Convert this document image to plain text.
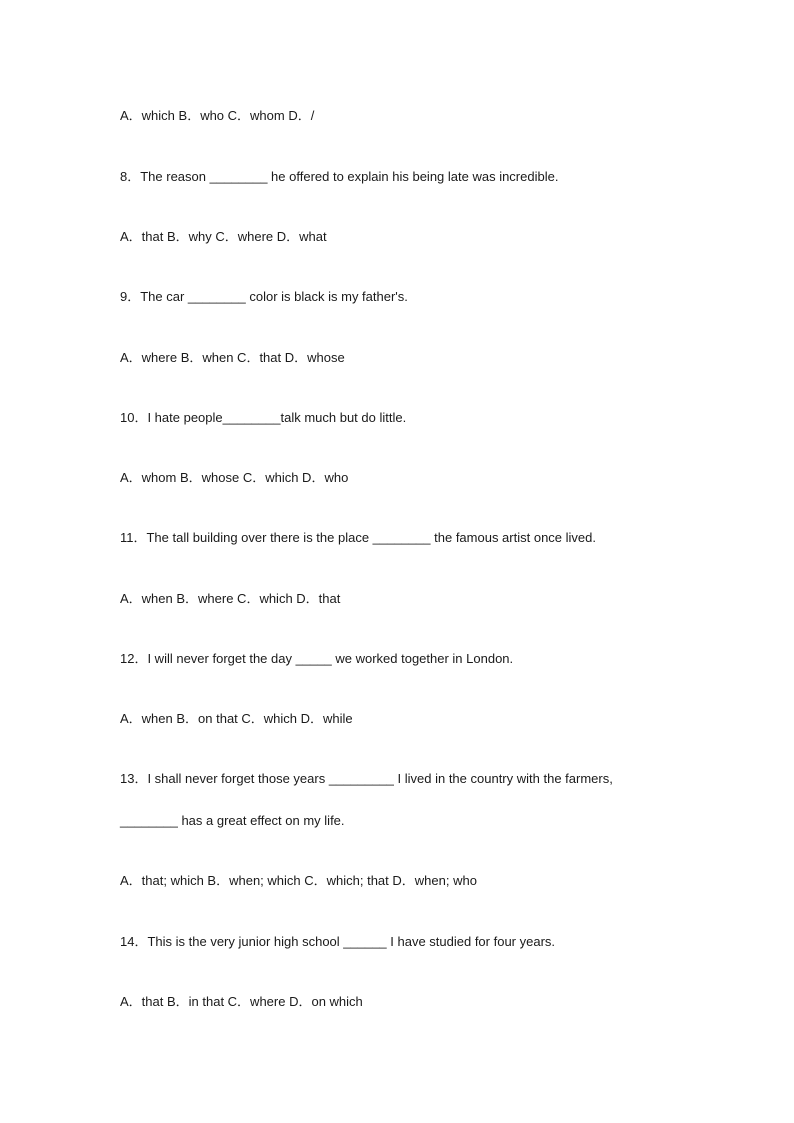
A．which B．who C．whom D．/
8．The reason ________ he offered to explain his being late was incredible.
A．that B．why C．where D．what
9．The car ________ color is black is my father's.
A．where B．when C．that D．whose
10．I hate people________talk much but do little.
A．whom B．whose C．which D．who
11．The tall building over there is the place ________ the famous artist once lived.
A．when B．where C．which D．that
12．I will never forget the day _____ we worked together in London.
A．when B．on that C．which D．while
13．I shall never forget those years _________ I lived in the country with the farmers,
________ has a great effect on my life.
A．that; which B．when; which C．which; that D．when; who
14．This is the very junior high school ______ I have studied for four years.
A．that B．in that C．where D．on which
